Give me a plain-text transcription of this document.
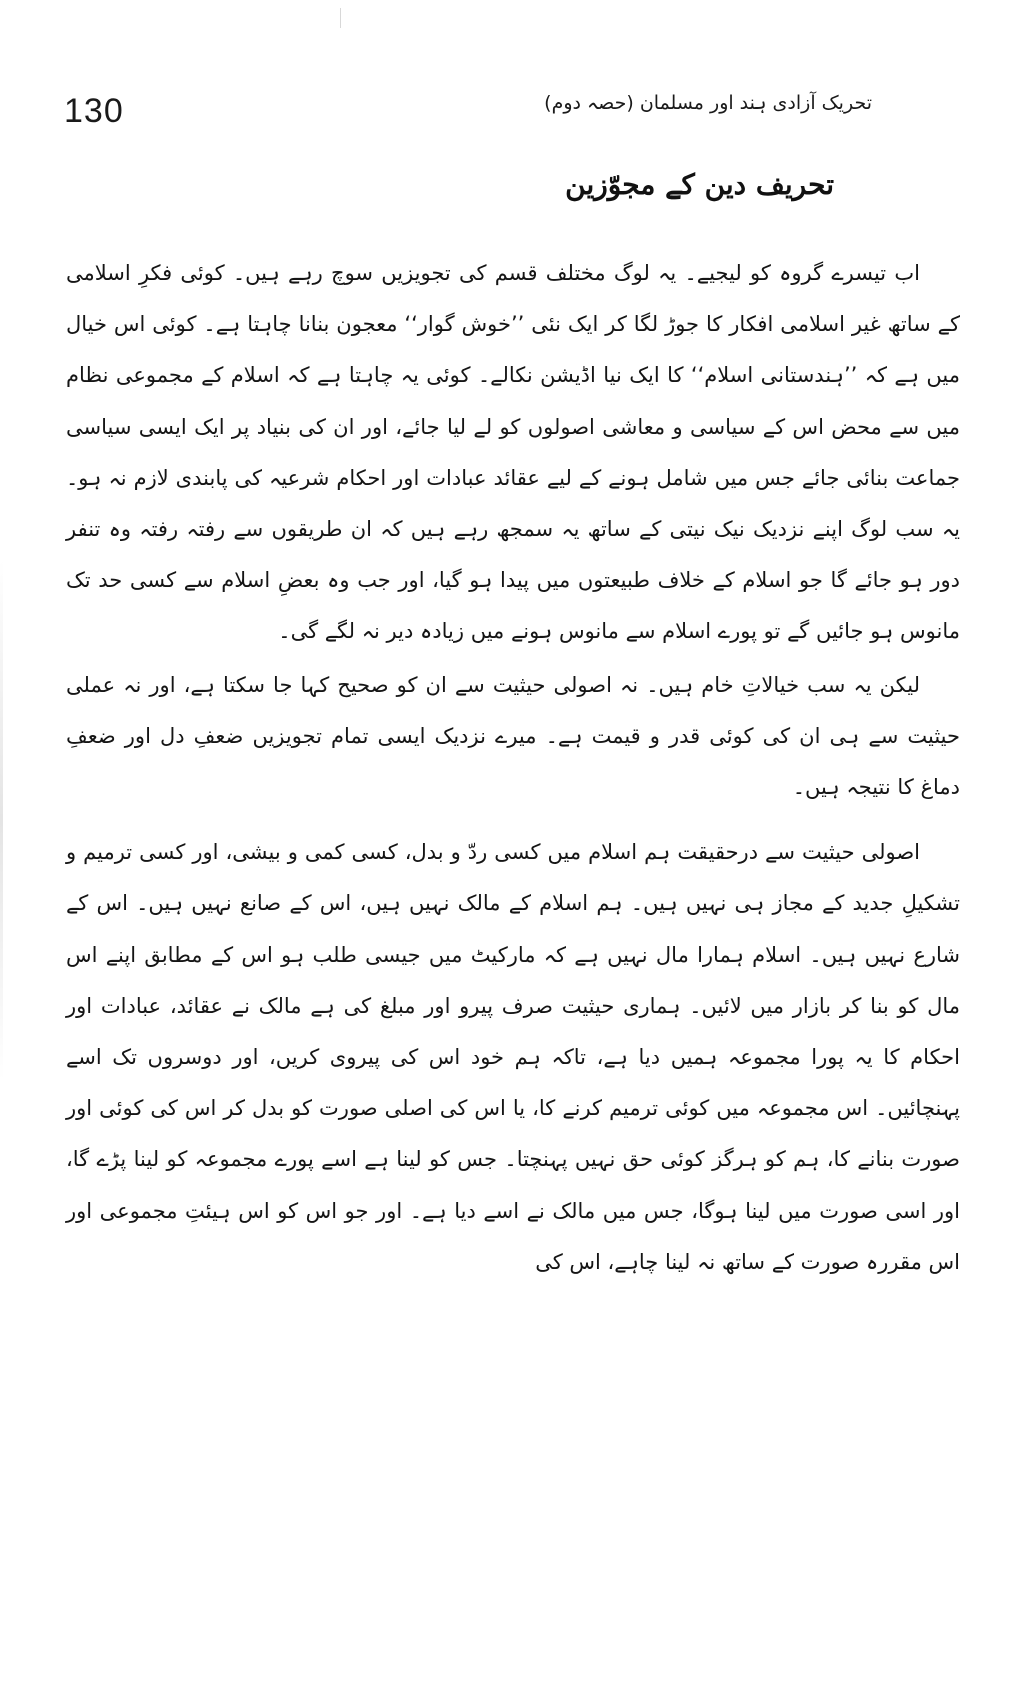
130	تحریک آزادی ہند اور مسلمان (حصہ دوم)
تحریف دین کے مجوّزین

اب تیسرے گروہ کو لیجیے۔ یہ لوگ مختلف قسم کی تجویزیں سوچ رہے ہیں۔ کوئی فکرِ اسلامی کے ساتھ غیر اسلامی افکار کا جوڑ لگا کر ایک نئی ’’خوش گوار‘‘ معجون بنانا چاہتا ہے۔ کوئی اس خیال میں ہے کہ ’’ہندستانی اسلام‘‘ کا ایک نیا اڈیشن نکالے۔ کوئی یہ چاہتا ہے کہ اسلام کے مجموعی نظام میں سے محض اس کے سیاسی و معاشی اصولوں کو لے لیا جائے، اور ان کی بنیاد پر ایک ایسی سیاسی جماعت بنائی جائے جس میں شامل ہونے کے لیے عقائد عبادات اور احکام شرعیہ کی پابندی لازم نہ ہو۔ یہ سب لوگ اپنے نزدیک نیک نیتی کے ساتھ یہ سمجھ رہے ہیں کہ ان طریقوں سے رفتہ رفتہ وہ تنفر دور ہو جائے گا جو اسلام کے خلاف طبیعتوں میں پیدا ہو گیا، اور جب وہ بعضِ اسلام سے کسی حد تک مانوس ہو جائیں گے تو پورے اسلام سے مانوس ہونے میں زیادہ دیر نہ لگے گی۔

لیکن یہ سب خیالاتِ خام ہیں۔ نہ اصولی حیثیت سے ان کو صحیح کہا جا سکتا ہے، اور نہ عملی حیثیت سے ہی ان کی کوئی قدر و قیمت ہے۔ میرے نزدیک ایسی تمام تجویزیں ضعفِ دل اور ضعفِ دماغ کا نتیجہ ہیں۔

اصولی حیثیت سے درحقیقت ہم اسلام میں کسی ردّ و بدل، کسی کمی و بیشی، اور کسی ترمیم و تشکیلِ جدید کے مجاز ہی نہیں ہیں۔ ہم اسلام کے مالک نہیں ہیں، اس کے صانع نہیں ہیں۔ اس کے شارع نہیں ہیں۔ اسلام ہمارا مال نہیں ہے کہ مارکیٹ میں جیسی طلب ہو اس کے مطابق اپنے اس مال کو بنا کر بازار میں لائیں۔ ہماری حیثیت صرف پیرو اور مبلغ کی ہے مالک نے عقائد، عبادات اور احکام کا یہ پورا مجموعہ ہمیں دیا ہے، تاکہ ہم خود اس کی پیروی کریں، اور دوسروں تک اسے پہنچائیں۔ اس مجموعہ میں کوئی ترمیم کرنے کا، یا اس کی اصلی صورت کو بدل کر اس کی کوئی اور صورت بنانے کا، ہم کو ہرگز کوئی حق نہیں پہنچتا۔ جس کو لینا ہے اسے پورے مجموعہ کو لینا پڑے گا، اور اسی صورت میں لینا ہوگا، جس میں مالک نے اسے دیا ہے۔ اور جو اس کو اس ہیئتِ مجموعی اور اس مقررہ صورت کے ساتھ نہ لینا چاہے، اس کی
